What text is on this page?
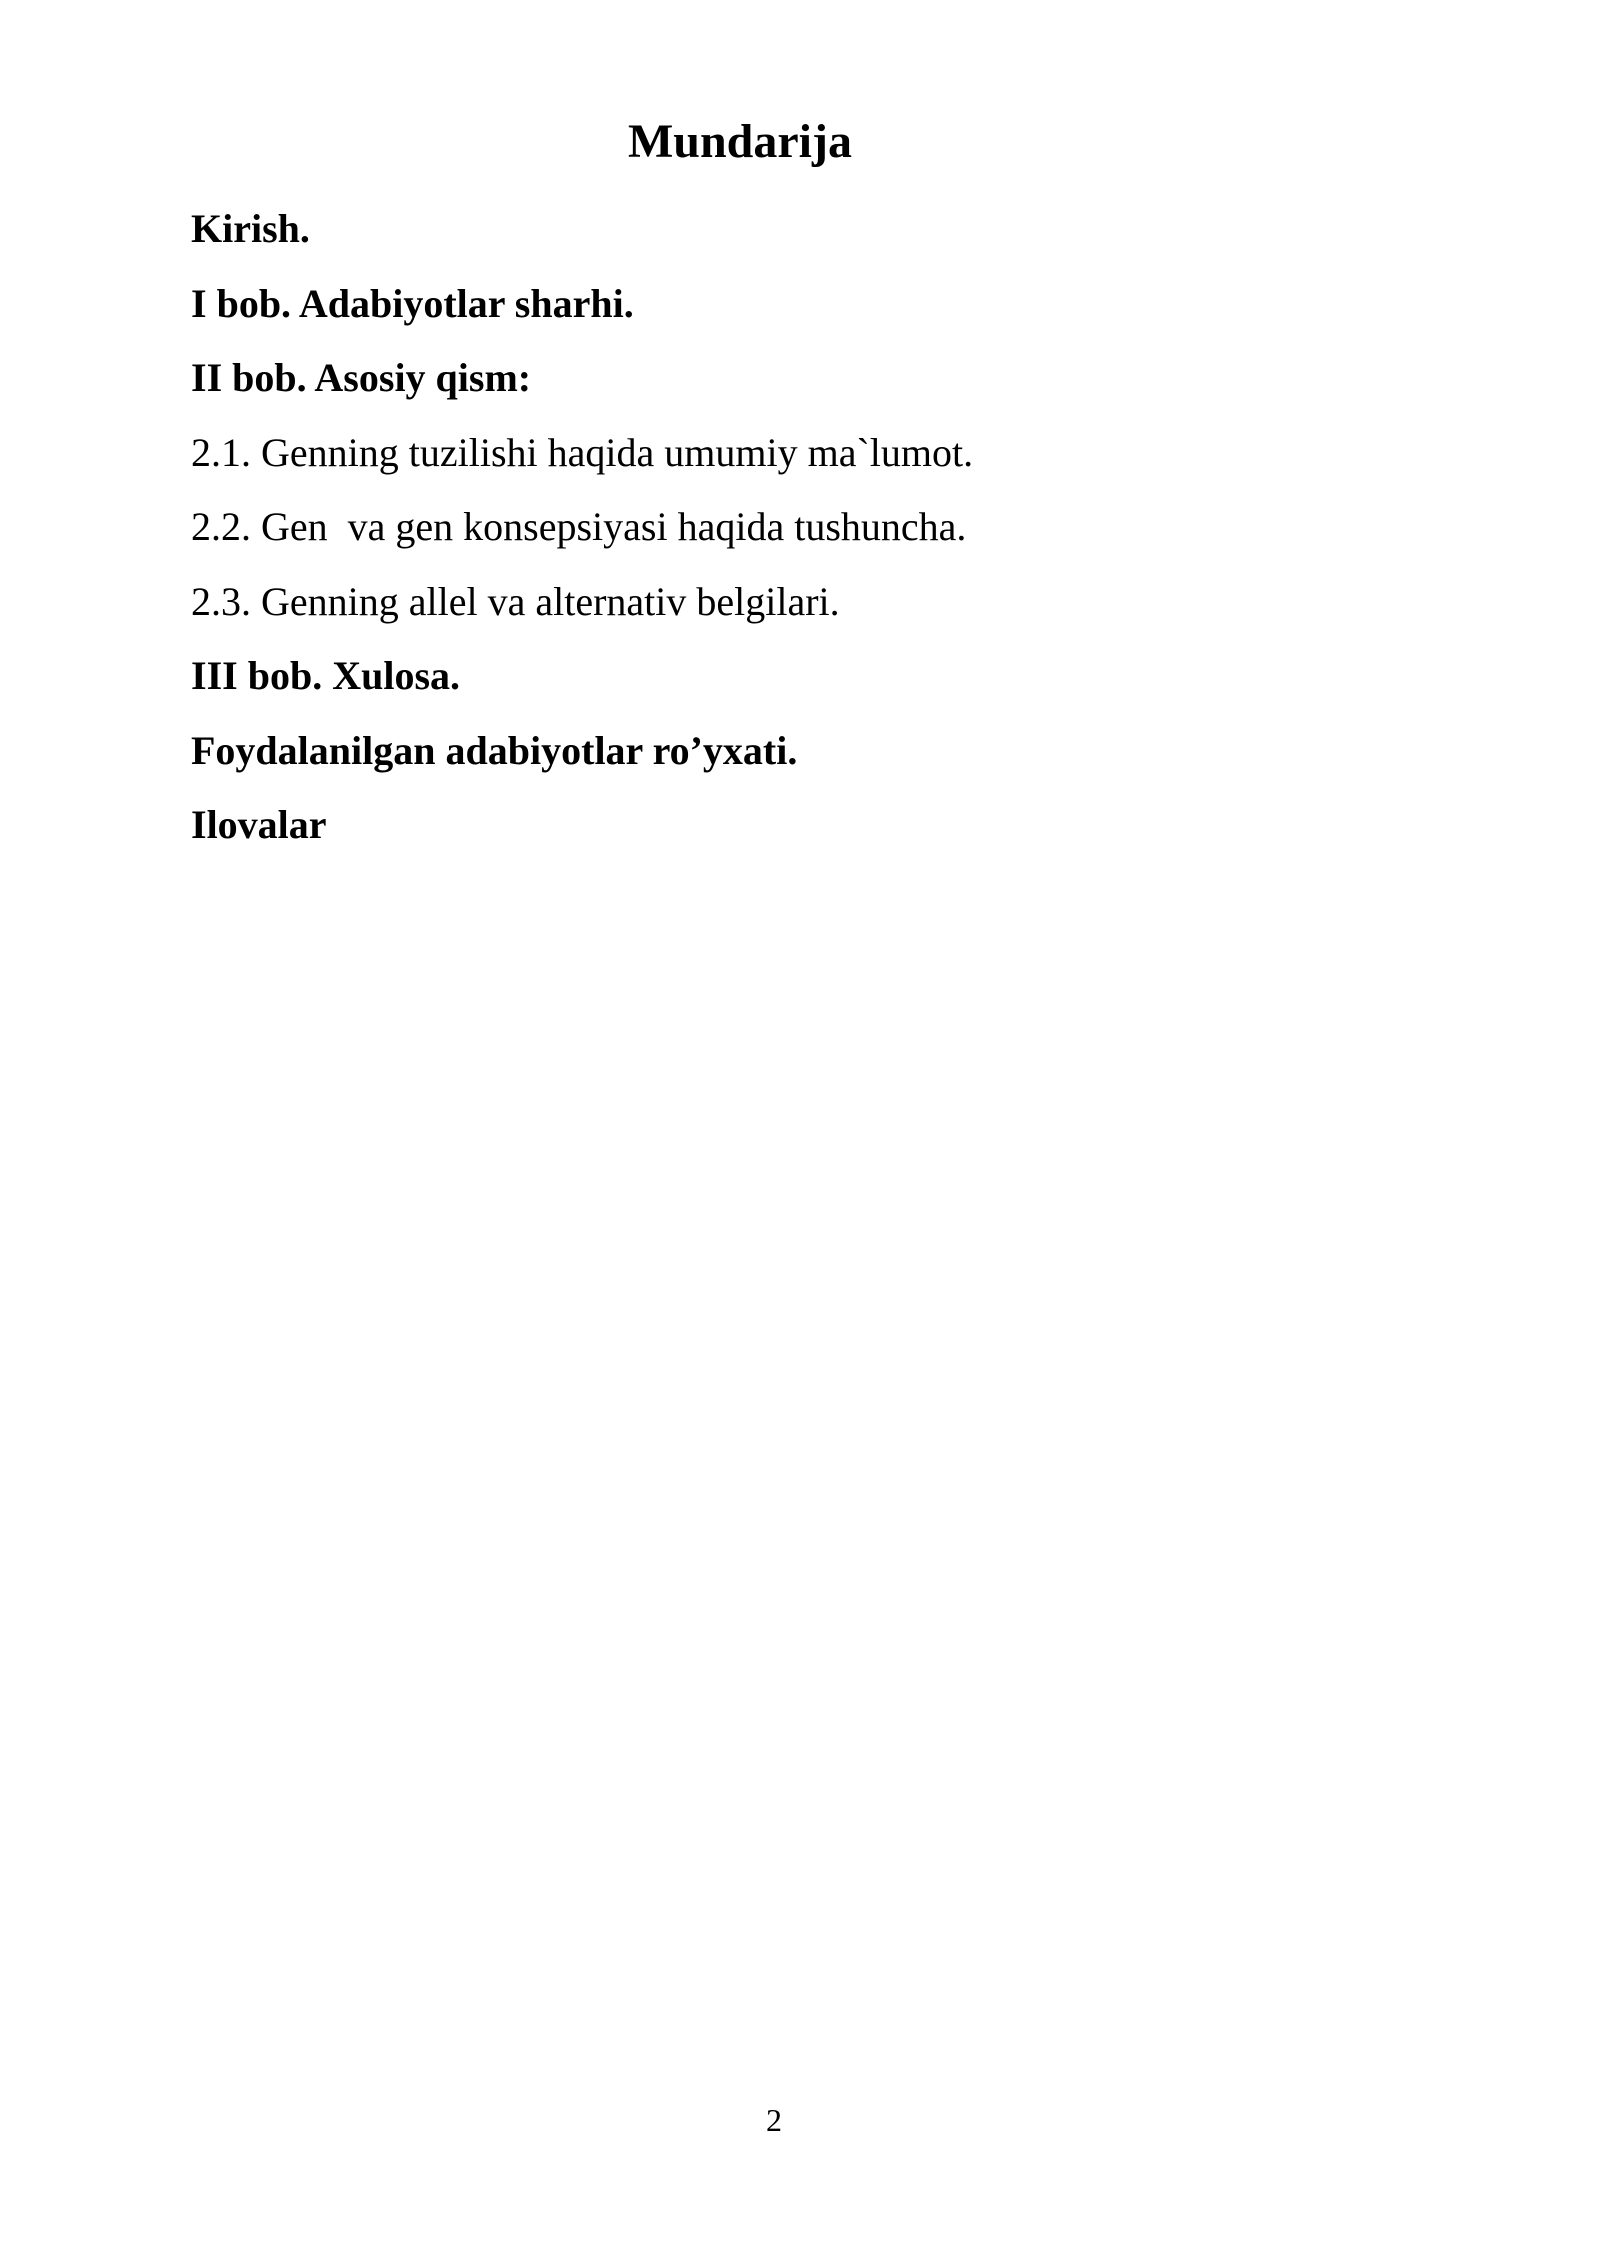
Mundarija
Kirish.
I bob. Adabiyotlar sharhi.
II bob. Asosiy qism:
2.1. Genning tuzilishi haqida umumiy ma`lumot.
2.2. Gen  va gen konsepsiyasi haqida tushuncha.
2.3. Genning allel va alternativ belgilari.
III bob. Xulosa.
Foydalanilgan adabiyotlar ro’yxati.
Ilovalar
2
